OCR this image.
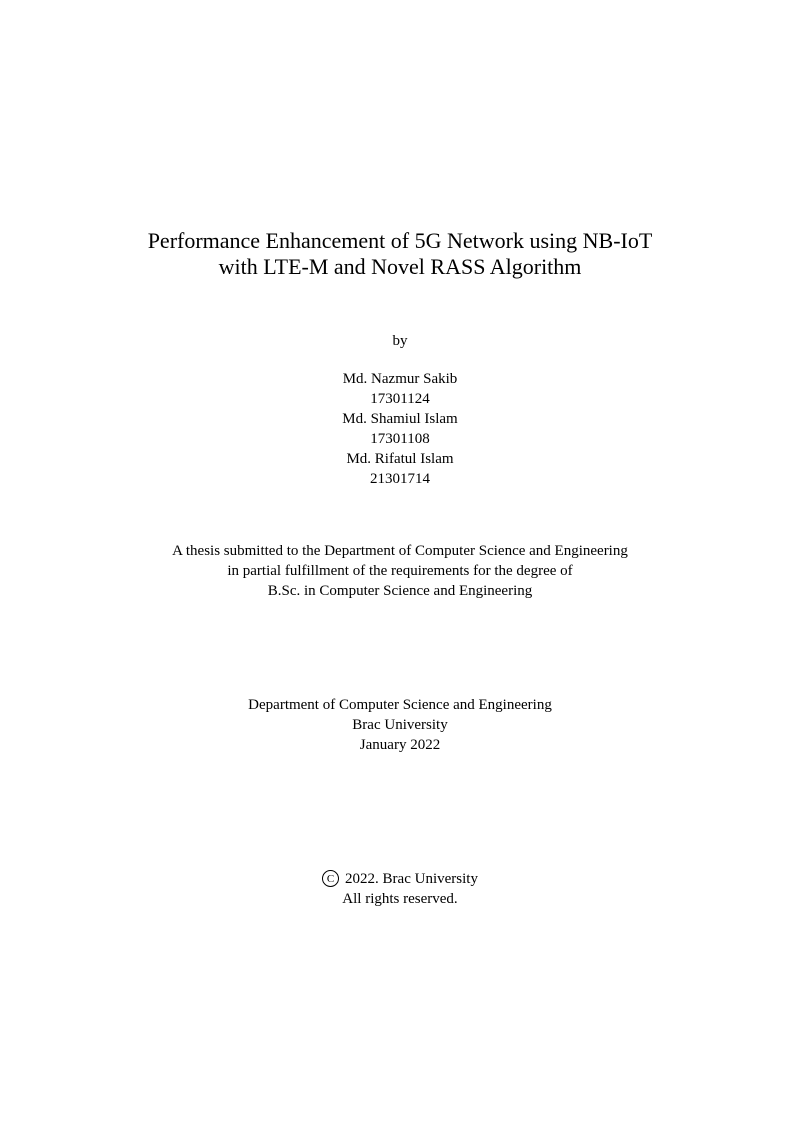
Performance Enhancement of 5G Network using NB-IoT
with LTE-M and Novel RASS Algorithm
by
Md. Nazmur Sakib
17301124
Md. Shamiul Islam
17301108
Md. Rifatul Islam
21301714
A thesis submitted to the Department of Computer Science and Engineering
in partial fulfillment of the requirements for the degree of
B.Sc. in Computer Science and Engineering
Department of Computer Science and Engineering
Brac University
January 2022
C 2022. Brac University
All rights reserved.
